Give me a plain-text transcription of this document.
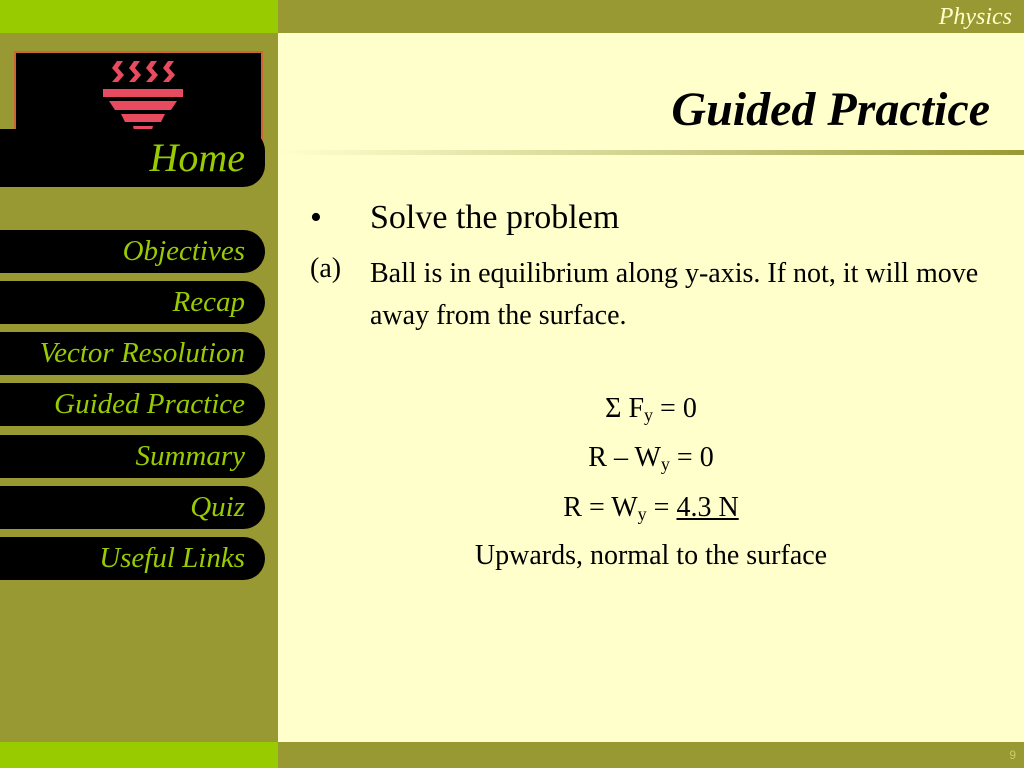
Physics
Home
Objectives
Recap
Vector Resolution
Guided Practice
Summary
Quiz
Useful Links
Guided Practice
• Solve the problem
(a) Ball is in equilibrium along y-axis. If not, it will move away from the surface.
Σ $F_y = 0$
$R - W_y = 0$
$R = W_y = 4.3$ N
Upwards, normal to the surface
9
